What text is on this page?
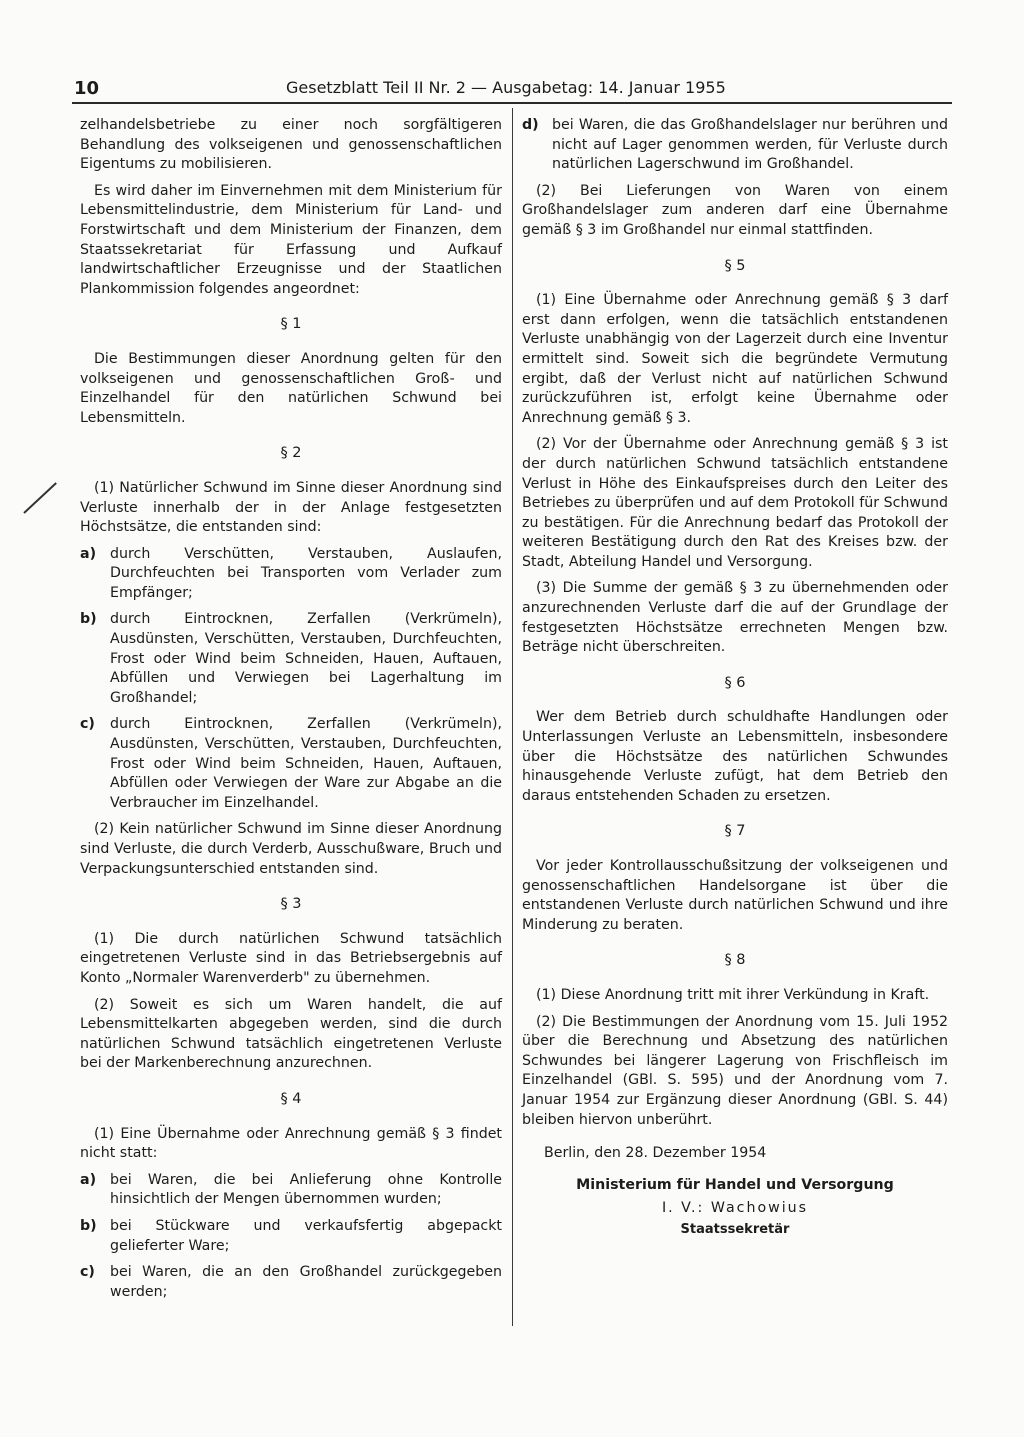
10	Gesetzblatt Teil II Nr. 2 — Ausgabetag: 14. Januar 1955

zelhandelsbetriebe zu einer noch sorgfältigeren Behandlung des volkseigenen und genossenschaftlichen Eigentums zu mobilisieren.

Es wird daher im Einvernehmen mit dem Ministerium für Lebensmittelindustrie, dem Ministerium für Land- und Forstwirtschaft und dem Ministerium der Finanzen, dem Staatssekretariat für Erfassung und Aufkauf landwirtschaftlicher Erzeugnisse und der Staatlichen Plankommission folgendes angeordnet:

§ 1

Die Bestimmungen dieser Anordnung gelten für den volkseigenen und genossenschaftlichen Groß- und Einzelhandel für den natürlichen Schwund bei Lebensmitteln.

§ 2

(1) Natürlicher Schwund im Sinne dieser Anordnung sind Verluste innerhalb der in der Anlage festgesetzten Höchstsätze, die entstanden sind:

a) durch Verschütten, Verstauben, Auslaufen, Durchfeuchten bei Transporten vom Verlader zum Empfänger;
b) durch Eintrocknen, Zerfallen (Verkrümeln), Ausdünsten, Verschütten, Verstauben, Durchfeuchten, Frost oder Wind beim Schneiden, Hauen, Auftauen, Abfüllen und Verwiegen bei Lagerhaltung im Großhandel;
c)	durch Eintrocknen, Zerfallen (Verkrümeln), Ausdünsten, Verschütten, Verstauben, Durchfeuchten, Frost oder Wind beim Schneiden, Hauen, Auftauen, Abfüllen oder Verwiegen der Ware zur Abgabe an die Verbraucher im Einzelhandel.

(2) Kein natürlicher Schwund im Sinne dieser Anordnung sind Verluste, die durch Verderb, Ausschußware, Bruch und Verpackungsunterschied entstanden sind.

§ 3

(1) Die durch natürlichen Schwund tatsächlich eingetretenen Verluste sind in das Betriebsergebnis auf Konto „Normaler Warenverderb" zu übernehmen.

(2) Soweit es sich um Waren handelt, die auf Lebensmittelkarten abgegeben werden, sind die durch natürlichen Schwund tatsächlich eingetretenen Verluste bei der Markenberechnung anzurechnen.

§ 4

(1) Eine Übernahme oder Anrechnung gemäß § 3 findet nicht statt:

a) bei Waren, die bei Anlieferung ohne Kontrolle hinsichtlich der Mengen übernommen wurden;
b) bei Stückware und verkaufsfertig abgepackt gelieferter Ware;
c)	bei Waren, die an den Großhandel zurückgegeben werden;
d) bei Waren, die das Großhandelslager nur berühren und nicht auf Lager genommen werden, für Verluste durch natürlichen Lagerschwund im Großhandel.

(2) Bei Lieferungen von Waren von einem Großhandelslager zum anderen darf eine Übernahme gemäß § 3 im Großhandel nur einmal stattfinden.

§ 5

(1) Eine Übernahme oder Anrechnung gemäß § 3 darf erst dann erfolgen, wenn die tatsächlich entstandenen Verluste unabhängig von der Lagerzeit durch eine Inventur ermittelt sind. Soweit sich die begründete Vermutung ergibt, daß der Verlust nicht auf natürlichen Schwund zurückzuführen ist, erfolgt keine Übernahme oder Anrechnung gemäß § 3.

(2) Vor der Übernahme oder Anrechnung gemäß § 3 ist der durch natürlichen Schwund tatsächlich entstandene Verlust in Höhe des Einkaufspreises durch den Leiter des Betriebes zu überprüfen und auf dem Protokoll für Schwund zu bestätigen. Für die Anrechnung bedarf das Protokoll der weiteren Bestätigung durch den Rat des Kreises bzw. der Stadt, Abteilung Handel und Versorgung.

(3) Die Summe der gemäß § 3 zu übernehmenden oder anzurechnenden Verluste darf die auf der Grundlage der festgesetzten Höchstsätze errechneten Mengen bzw. Beträge nicht überschreiten.

§ 6

Wer dem Betrieb durch schuldhafte Handlungen oder Unterlassungen Verluste an Lebensmitteln, insbesondere über die Höchstsätze des natürlichen Schwundes hinausgehende Verluste zufügt, hat dem Betrieb den daraus entstehenden Schaden zu ersetzen.

§ 7

Vor jeder Kontrollausschußsitzung der volkseigenen und genossenschaftlichen Handelsorgane ist über die entstandenen Verluste durch natürlichen Schwund und ihre Minderung zu beraten.

§ 8

(1) Diese Anordnung tritt mit ihrer Verkündung in Kraft.

(2) Die Bestimmungen der Anordnung vom 15. Juli 1952 über die Berechnung und Absetzung des natürlichen Schwundes bei längerer Lagerung von Frischfleisch im Einzelhandel (GBl. S. 595) und der Anordnung vom 7. Januar 1954 zur Ergänzung dieser Anordnung (GBl. S. 44) bleiben hiervon unberührt.

Berlin, den 28. Dezember 1954

Ministerium für Handel und Versorgung

I. V.: Wachowius

Staatssekretär
